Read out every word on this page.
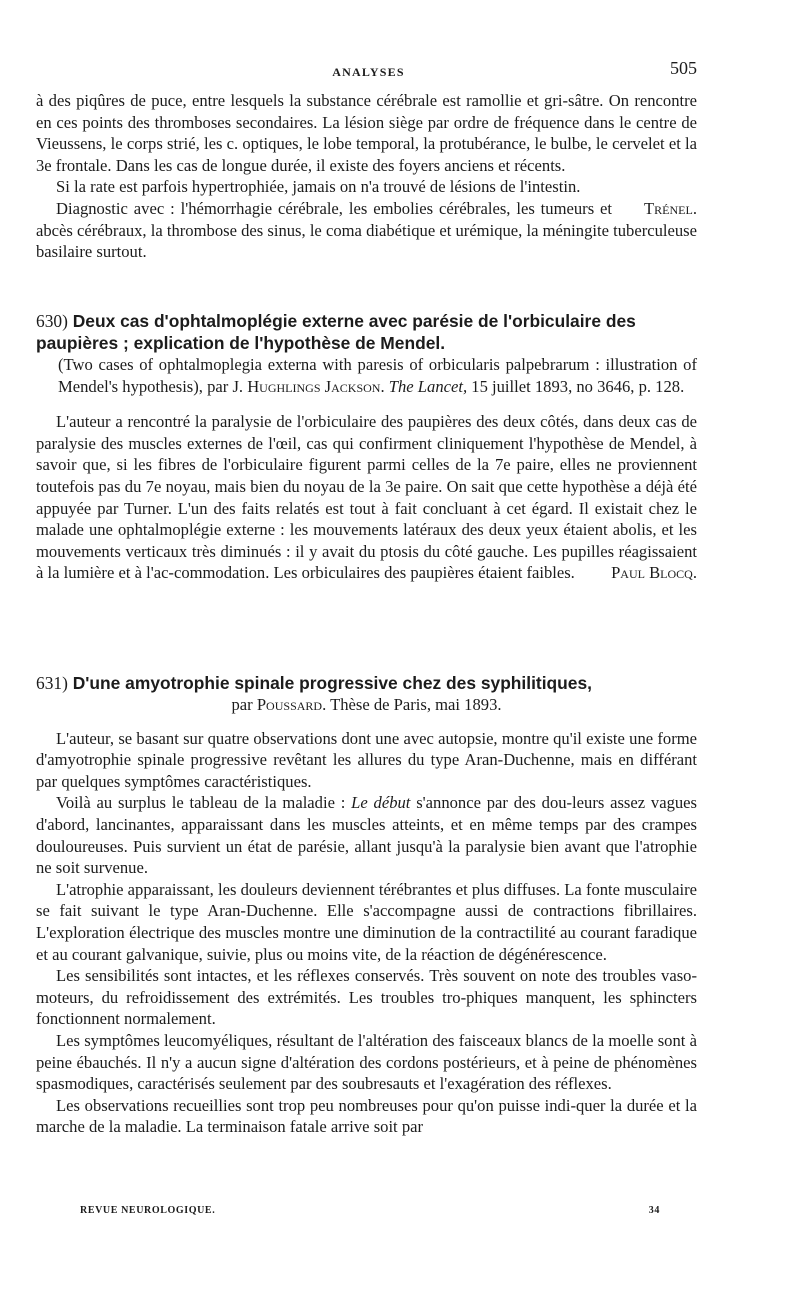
ANALYSES	505

à des piqûres de puce, entre lesquels la substance cérébrale est ramollie et gri-sâtre. On rencontre en ces points des thromboses secondaires. La lésion siège par ordre de fréquence dans le centre de Vieussens, le corps strié, les c. optiques, le lobe temporal, la protubérance, le bulbe, le cervelet et la 3e frontale. Dans les cas de longue durée, il existe des foyers anciens et récents.

Si la rate est parfois hypertrophiée, jamais on n'a trouvé de lésions de l'intestin.

Trénel.
Diagnostic avec : l'hémorrhagie cérébrale, les embolies cérébrales, les tumeurs et abcès cérébraux, la thrombose des sinus, le coma diabétique et urémique, la méningite tuberculeuse basilaire surtout.

630) Deux cas d'ophtalmoplégie externe avec parésie de l'orbiculaire des paupières ; explication de l'hypothèse de Mendel.

(Two cases of ophtalmoplegia externa with paresis of orbicularis palpebrarum : illustration of Mendel's hypothesis), par J. Hughlings Jackson. The Lancet, 15 juillet 1893, no 3646, p. 128.

L'auteur a rencontré la paralysie de l'orbiculaire des paupières des deux côtés, dans deux cas de paralysie des muscles externes de l'œil, cas qui confirment cliniquement l'hypothèse de Mendel, à savoir que, si les fibres de l'orbiculaire figurent parmi celles de la 7e paire, elles ne proviennent toutefois pas du 7e noyau, mais bien du noyau de la 3e paire. On sait que cette hypothèse a déjà été appuyée par Turner. L'un des faits relatés est tout à fait concluant à cet égard. Il existait chez le malade une ophtalmoplégie externe : les mouvements latéraux des deux yeux étaient abolis, et les mouvements verticaux très diminués : il y avait du ptosis du côté gauche. Les pupilles réagissaient à la lumière et à l'ac-commodation. Les orbiculaires des paupières étaient faibles.	Paul Blocq.

631) D'une amyotrophie spinale progressive chez des syphilitiques,

par Poussard. Thèse de Paris, mai 1893.

L'auteur, se basant sur quatre observations dont une avec autopsie, montre qu'il existe une forme d'amyotrophie spinale progressive revêtant les allures du type Aran-Duchenne, mais en différant par quelques symptômes caractéristiques.

Voilà au surplus le tableau de la maladie : Le début s'annonce par des dou-leurs assez vagues d'abord, lancinantes, apparaissant dans les muscles atteints, et en même temps par des crampes douloureuses. Puis survient un état de parésie, allant jusqu'à la paralysie bien avant que l'atrophie ne soit survenue.

L'atrophie apparaissant, les douleurs deviennent térébrantes et plus diffuses. La fonte musculaire se fait suivant le type Aran-Duchenne. Elle s'accompagne aussi de contractions fibrillaires. L'exploration électrique des muscles montre une diminution de la contractilité au courant faradique et au courant galvanique, suivie, plus ou moins vite, de la réaction de dégénérescence.

Les sensibilités sont intactes, et les réflexes conservés. Très souvent on note des troubles vaso-moteurs, du refroidissement des extrémités. Les troubles tro-phiques manquent, les sphincters fonctionnent normalement.

Les symptômes leucomyéliques, résultant de l'altération des faisceaux blancs de la moelle sont à peine ébauchés. Il n'y a aucun signe d'altération des cordons postérieurs, et à peine de phénomènes spasmodiques, caractérisés seulement par des soubresauts et l'exagération des réflexes.

Les observations recueillies sont trop peu nombreuses pour qu'on puisse indi-quer la durée et la marche de la maladie. La terminaison fatale arrive soit par

REVUE NEUROLOGIQUE.	34
